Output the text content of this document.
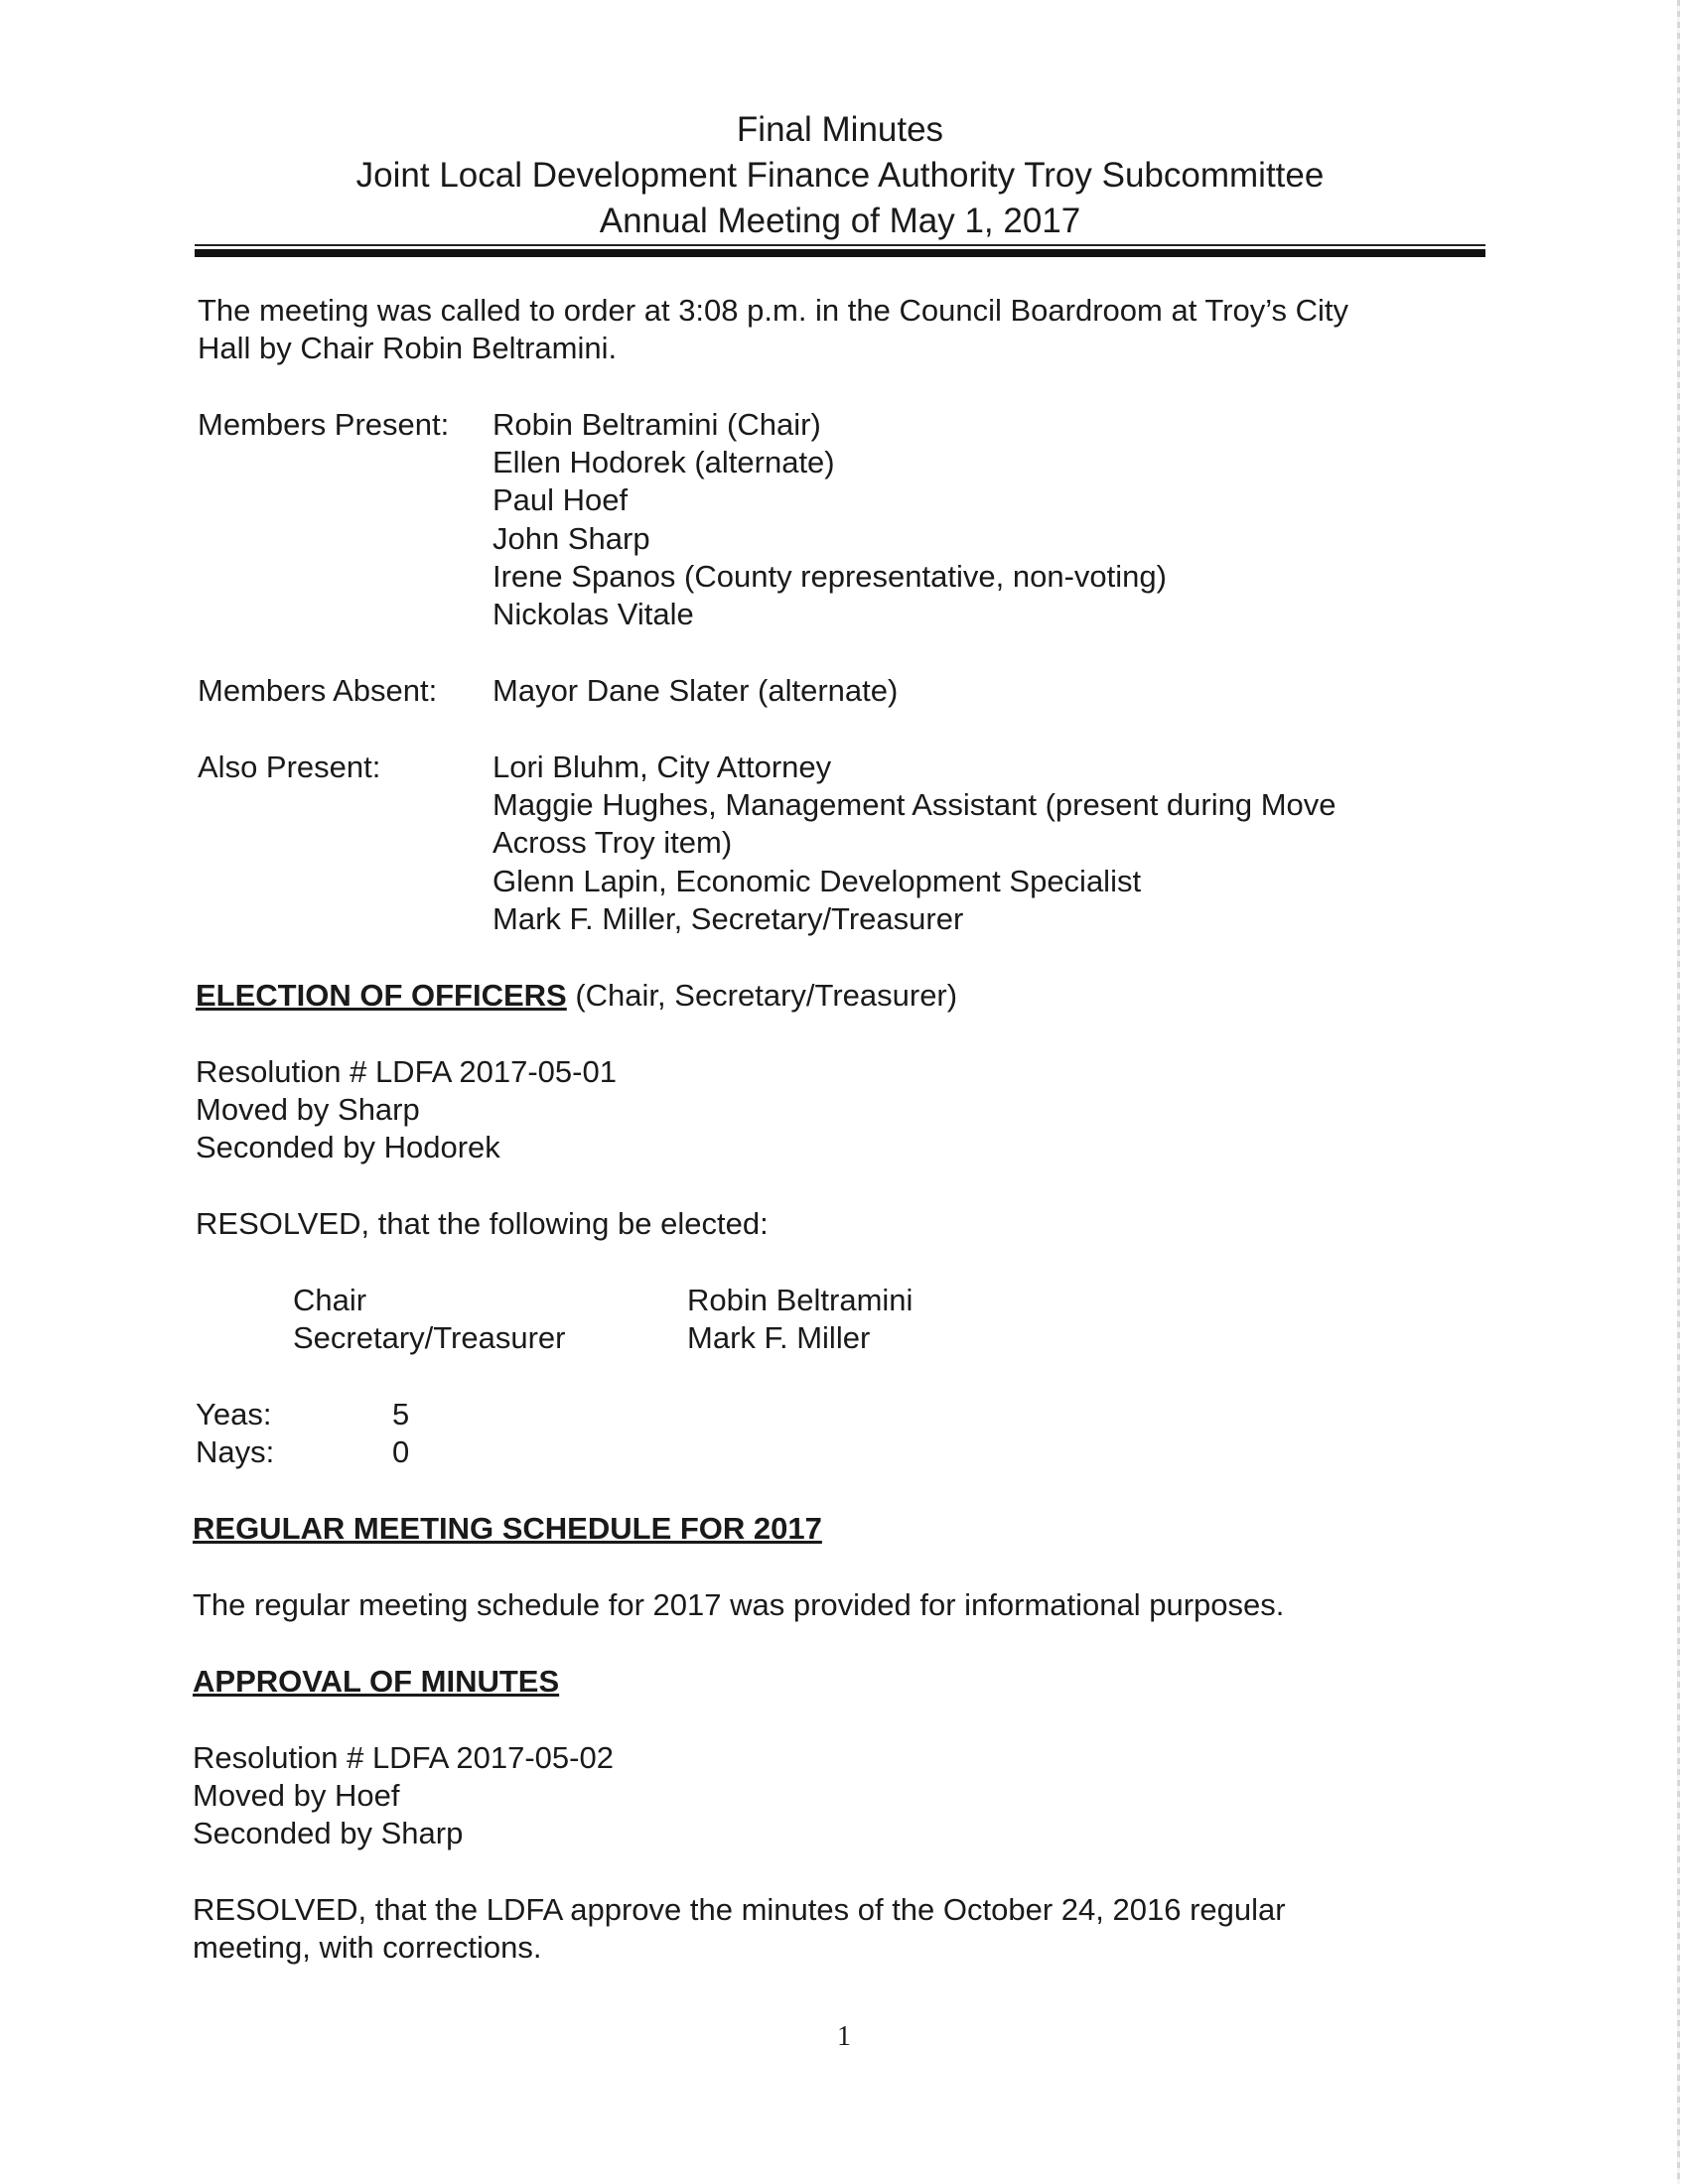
Final Minutes
Joint Local Development Finance Authority Troy Subcommittee
Annual Meeting of May 1, 2017
The meeting was called to order at 3:08 p.m. in the Council Boardroom at Troy’s City
Hall by Chair Robin Beltramini.
Members Present: Robin Beltramini (Chair)
Ellen Hodorek (alternate)
Paul Hoef
John Sharp
Irene Spanos (County representative, non-voting)
Nickolas Vitale
Members Absent: Mayor Dane Slater (alternate)
Also Present:	Lori Bluhm, City Attorney
Maggie Hughes, Management Assistant (present during Move
Across Troy item)
Glenn Lapin, Economic Development Specialist
Mark F. Miller, Secretary/Treasurer
ELECTION OF OFFICERS (Chair, Secretary/Treasurer)
Resolution # LDFA 2017-05-01
Moved by Sharp
Seconded by Hodorek
RESOLVED, that the following be elected:
Chair	Robin Beltramini
Secretary/Treasurer	Mark F. Miller
Yeas:	5
Nays:	0
REGULAR MEETING SCHEDULE FOR 2017
The regular meeting schedule for 2017 was provided for informational purposes.
APPROVAL OF MINUTES
Resolution # LDFA 2017-05-02
Moved by Hoef
Seconded by Sharp
RESOLVED, that the LDFA approve the minutes of the October 24, 2016 regular
meeting, with corrections.
1
